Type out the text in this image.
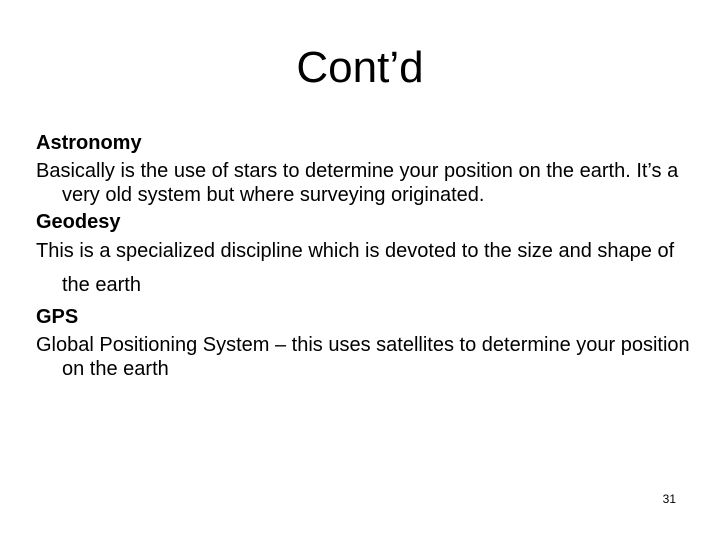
Cont’d

Astronomy

Basically is the use of stars to determine your position on the earth. It’s a very old system but where surveying originated.

Geodesy

This is a specialized discipline which is devoted to the size and shape of the earth

GPS

Global Positioning System – this uses satellites to determine your position on the earth

31
